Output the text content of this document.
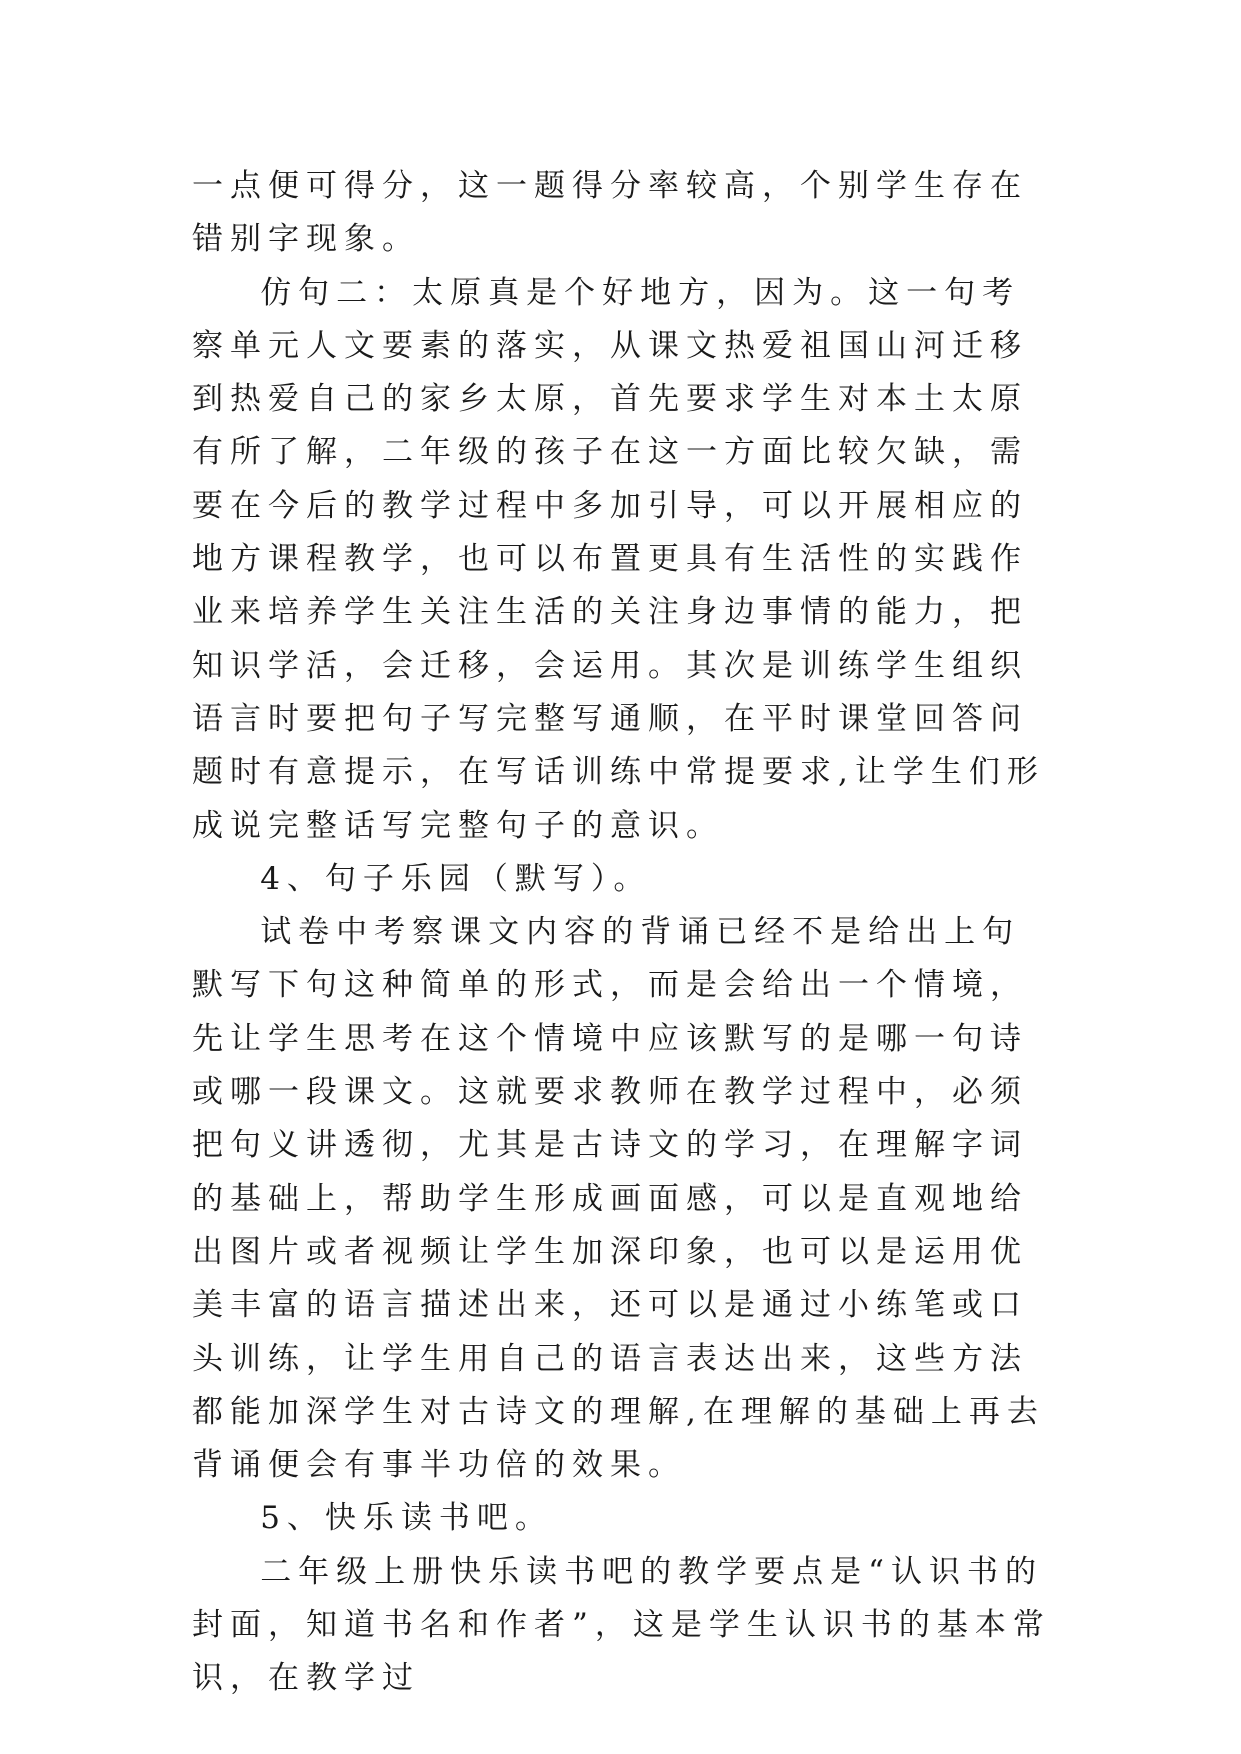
一点便可得分，这一题得分率较高，个别学生存在错别字现象。

仿句二：太原真是个好地方，因为。这一句考察单元人文要素的落实，从课文热爱祖国山河迁移到热爱自己的家乡太原，首先要求学生对本土太原有所了解，二年级的孩子在这一方面比较欠缺，需要在今后的教学过程中多加引导，可以开展相应的地方课程教学，也可以布置更具有生活性的实践作业来培养学生关注生活的关注身边事情的能力，把知识学活，会迁移，会运用。其次是训练学生组织语言时要把句子写完整写通顺，在平时课堂回答问题时有意提示，在写话训练中常提要求,让学生们形成说完整话写完整句子的意识。

4、句子乐园（默写）。

试卷中考察课文内容的背诵已经不是给出上句默写下句这种简单的形式，而是会给出一个情境，先让学生思考在这个情境中应该默写的是哪一句诗或哪一段课文。这就要求教师在教学过程中，必须把句义讲透彻，尤其是古诗文的学习，在理解字词的基础上，帮助学生形成画面感，可以是直观地给出图片或者视频让学生加深印象，也可以是运用优美丰富的语言描述出来，还可以是通过小练笔或口头训练，让学生用自己的语言表达出来，这些方法都能加深学生对古诗文的理解,在理解的基础上再去背诵便会有事半功倍的效果。

5、快乐读书吧。

二年级上册快乐读书吧的教学要点是“认识书的封面，知道书名和作者”，这是学生认识书的基本常识，在教学过
